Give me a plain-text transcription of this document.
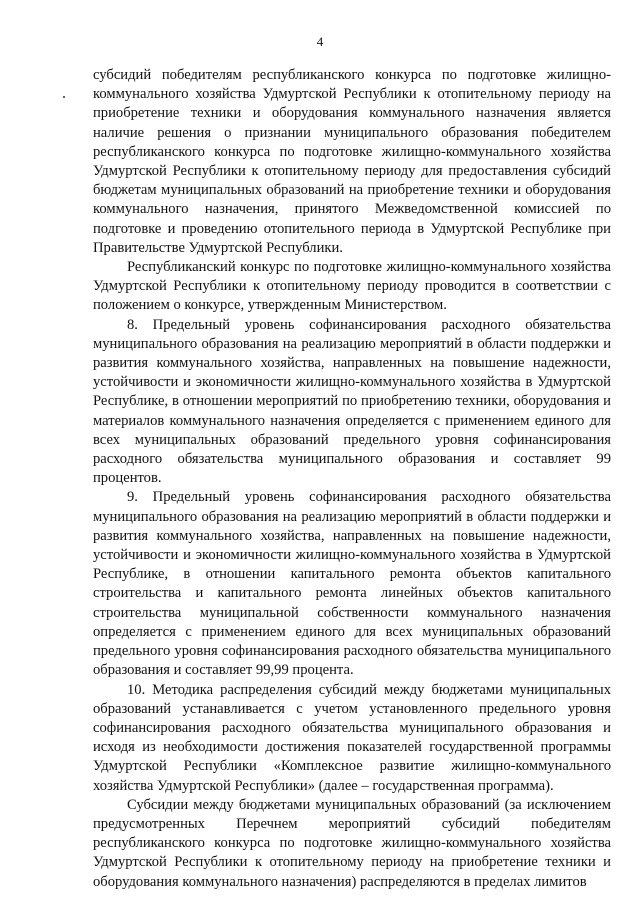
4

субсидий победителям республиканского конкурса по подготовке жилищно-коммунального хозяйства Удмуртской Республики к отопительному периоду на приобретение техники и оборудования коммунального назначения является наличие решения о признании муниципального образования победителем республиканского конкурса по подготовке жилищно-коммунального хозяйства Удмуртской Республики к отопительному периоду для предоставления субсидий бюджетам муниципальных образований на приобретение техники и оборудования коммунального назначения, принятого Межведомственной комиссией по подготовке и проведению отопительного периода в Удмуртской Республике при Правительстве Удмуртской Республики.

Республиканский конкурс по подготовке жилищно-коммунального хозяйства Удмуртской Республики к отопительному периоду проводится в соответствии с положением о конкурсе, утвержденным Министерством.

8. Предельный уровень софинансирования расходного обязательства муниципального образования на реализацию мероприятий в области поддержки и развития коммунального хозяйства, направленных на повышение надежности, устойчивости и экономичности жилищно-коммунального хозяйства в Удмуртской Республике, в отношении мероприятий по приобретению техники, оборудования и материалов коммунального назначения определяется с применением единого для всех муниципальных образований предельного уровня софинансирования расходного обязательства муниципального образования и составляет 99 процентов.

9. Предельный уровень софинансирования расходного обязательства муниципального образования на реализацию мероприятий в области поддержки и развития коммунального хозяйства, направленных на повышение надежности, устойчивости и экономичности жилищно-коммунального хозяйства в Удмуртской Республике, в отношении капитального ремонта объектов капитального строительства и капитального ремонта линейных объектов капитального строительства муниципальной собственности коммунального назначения определяется с применением единого для всех муниципальных образований предельного уровня софинансирования расходного обязательства муниципального образования и составляет 99,99 процента.

10. Методика распределения субсидий между бюджетами муниципальных образований устанавливается с учетом установленного предельного уровня софинансирования расходного обязательства муниципального образования и исходя из необходимости достижения показателей государственной программы Удмуртской Республики «Комплексное развитие жилищно-коммунального хозяйства Удмуртской Республики» (далее – государственная программа).

Субсидии между бюджетами муниципальных образований (за исключением предусмотренных Перечнем мероприятий субсидий победителям республиканского конкурса по подготовке жилищно-коммунального хозяйства Удмуртской Республики к отопительному периоду на приобретение техники и оборудования коммунального назначения) распределяются в пределах лимитов
